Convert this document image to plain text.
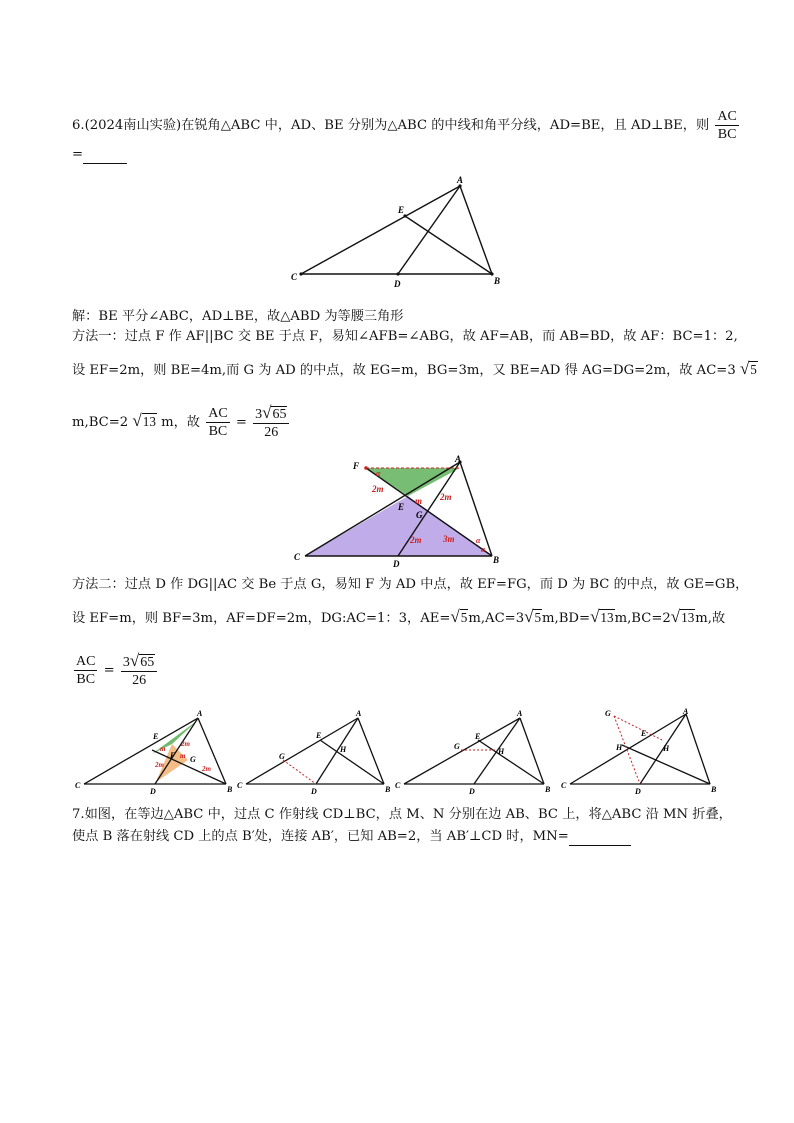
6.(2024南山实验)在锐角△ABC 中，AD、BE 分别为△ABC 的中线和角平分线，AD=BE，且 AD⊥BE，则 $\frac{AC}{BC}$
=
A
E
C
D	B
解：BE 平分∠ABC，AD⊥BE，故△ABD 为等腰三角形
方法一：过点 F 作 AF||BC 交 BE 于点 F，易知∠AFB=∠ABG，故 AF=AB，而 AB=BD，故 AF：BC=1：2,
设 EF=2m，则 BE=4m,而 G 为 AD 的中点，故 EG=m，BG=3m，又 BE=AD 得 AG=DG=2m，故 AC=3 √5
m,BC=2 √13 m，故 $\frac{AC}{BC} = \frac{3√65}{26}$
F
A
α
2m
2m
E
m
G
2m 3m	α
α
C
D	B
方法二：过点 D 作 DG||AC 交 Be 于点 G，易知 F 为 AD 中点，故 EF=FG，而 D 为 BC 的中点，故 GE=GB，
设 EF=m，则 BF=3m，AF=DF=2m，DG:AC=1：3，AE=√5m,AC=3√5m,BD=√13m,BC=2√13m,故
$\frac{AC}{BC} = \frac{3√65}{26}$
A
E
2m
m
F m G
2m	2m
C
D	B
A
E
H
G
C
D	B
A
E
G
H
C
D	B
G	A
E
H	H
C
D	B
7.如图，在等边△ABC 中，过点 C 作射线 CD⊥BC，点 M、N 分别在边 AB、BC 上，将△ABC 沿 MN 折叠，
使点 B 落在射线 CD 上的点 B′处，连接 AB′，已知 AB=2，当 AB′⊥CD 时，MN=
